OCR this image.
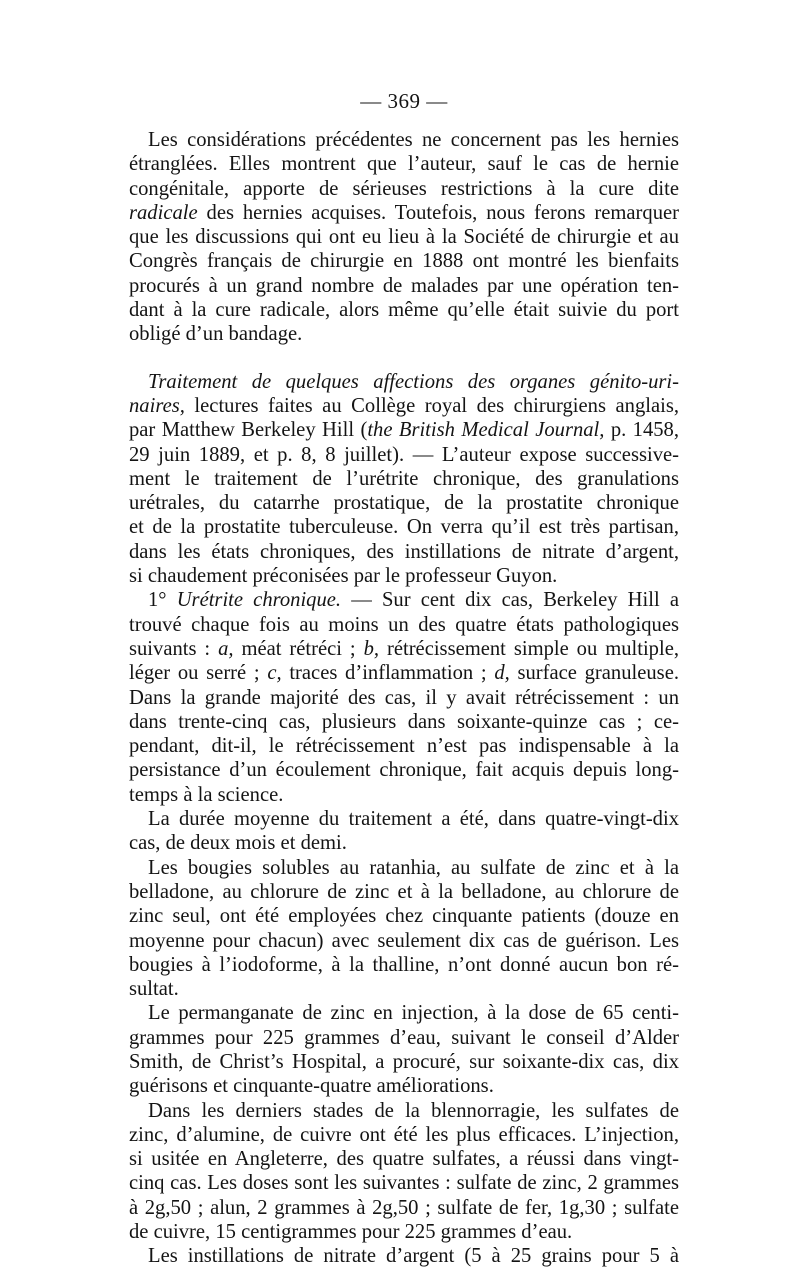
— 369 —

Les considérations précédentes ne concernent pas les hernies
étranglées. Elles montrent que l’auteur, sauf le cas de hernie
congénitale, apporte de sérieuses restrictions à la cure dite
radicale des hernies acquises. Toutefois, nous ferons remarquer
que les discussions qui ont eu lieu à la Société de chirurgie et au
Congrès français de chirurgie en 1888 ont montré les bienfaits
procurés à un grand nombre de malades par une opération ten-
dant à la cure radicale, alors même qu’elle était suivie du port
obligé d’un bandage.

Traitement de quelques affections des organes génito-uri-
naires, lectures faites au Collège royal des chirurgiens anglais,
par Matthew Berkeley Hill (the British Medical Journal, p. 1458,
29 juin 1889, et p. 8, 8 juillet). — L’auteur expose successive-
ment le traitement de l’urétrite chronique, des granulations
urétrales, du catarrhe prostatique, de la prostatite chronique
et de la prostatite tuberculeuse. On verra qu’il est très partisan,
dans les états chroniques, des instillations de nitrate d’argent,
si chaudement préconisées par le professeur Guyon.

1° Urétrite chronique. — Sur cent dix cas, Berkeley Hill a
trouvé chaque fois au moins un des quatre états pathologiques
suivants : a, méat rétréci ; b, rétrécissement simple ou multiple,
léger ou serré ; c, traces d’inflammation ; d, surface granuleuse.
Dans la grande majorité des cas, il y avait rétrécissement : un
dans trente-cinq cas, plusieurs dans soixante-quinze cas ; ce-
pendant, dit-il, le rétrécissement n’est pas indispensable à la
persistance d’un écoulement chronique, fait acquis depuis long-
temps à la science.

La durée moyenne du traitement a été, dans quatre-vingt-dix
cas, de deux mois et demi.

Les bougies solubles au ratanhia, au sulfate de zinc et à la
belladone, au chlorure de zinc et à la belladone, au chlorure de
zinc seul, ont été employées chez cinquante patients (douze en
moyenne pour chacun) avec seulement dix cas de guérison. Les
bougies à l’iodoforme, à la thalline, n’ont donné aucun bon ré-
sultat.

Le permanganate de zinc en injection, à la dose de 65 centi-
grammes pour 225 grammes d’eau, suivant le conseil d’Alder
Smith, de Christ’s Hospital, a procuré, sur soixante-dix cas, dix
guérisons et cinquante-quatre améliorations.

Dans les derniers stades de la blennorragie, les sulfates de
zinc, d’alumine, de cuivre ont été les plus efficaces. L’injection,
si usitée en Angleterre, des quatre sulfates, a réussi dans vingt-
cinq cas. Les doses sont les suivantes : sulfate de zinc, 2 grammes
à 2g,50 ; alun, 2 grammes à 2g,50 ; sulfate de fer, 1g,30 ; sulfate
de cuivre, 15 centigrammes pour 225 grammes d’eau.

Les instillations de nitrate d’argent (5 à 25 grains pour 5 à
